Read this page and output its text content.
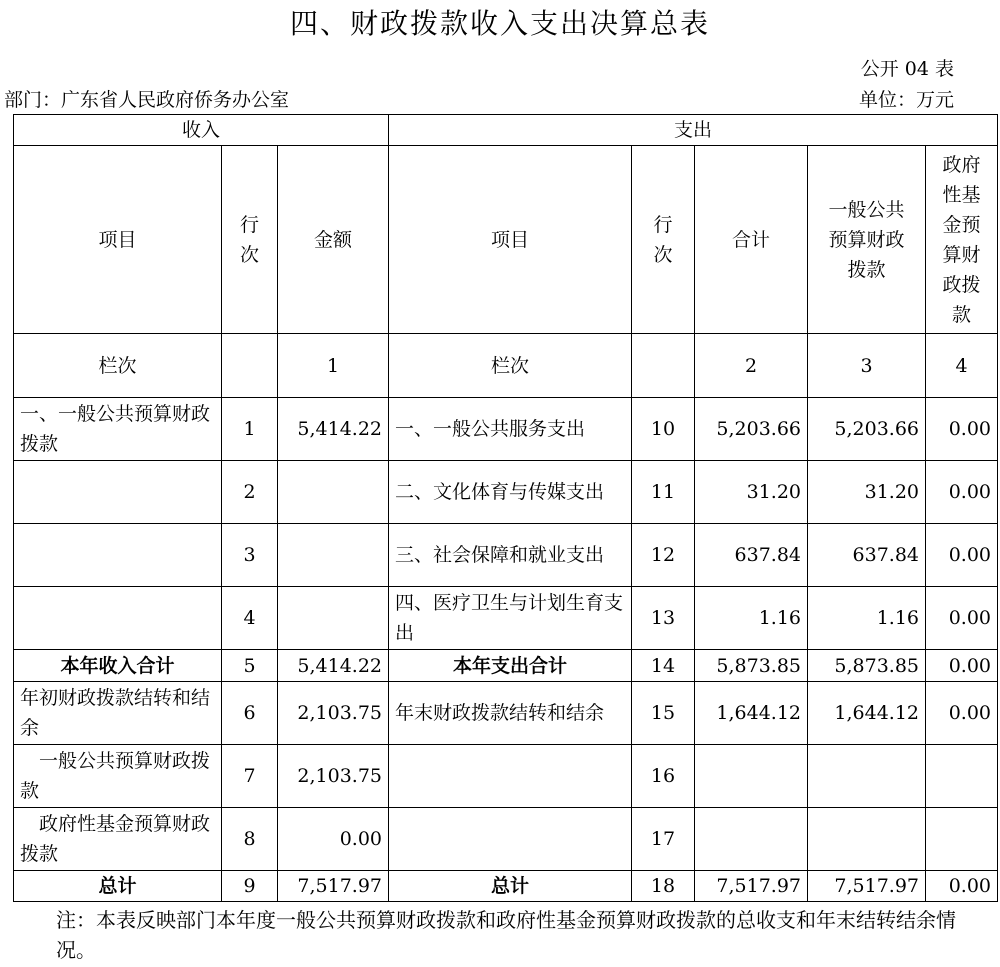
四、财政拨款收入支出决算总表
公开 04 表
部门：广东省人民政府侨务办公室	单位：万元
收入			支出				
项目	行次	金额	项目	行次	合计	一般公共预算财政拨款	政府性基金预算财政拨款

栏次		1	栏次		2	3	4
一、一般公共预算财政拨款	1	5,414.22	一、一般公共服务支出	10	5,203.66	5,203.66	0.00
	2		二、文化体育与传媒支出	11	31.20	31.20	0.00
	3		三、社会保障和就业支出	12	637.84	637.84	0.00
	4		四、医疗卫生与计划生育支出	13	1.16	1.16	0.00
本年收入合计	5	5,414.22	本年支出合计	14	5,873.85	5,873.85	0.00
年初财政拨款结转和结余	6	2,103.75	年末财政拨款结转和结余	15	1,644.12	1,644.12	0.00
一般公共预算财政拨款	7	2,103.75		16			
政府性基金预算财政拨款	8	0.00		17			
总计	9	7,517.97	总计	18	7,517.97	7,517.97	0.00
注：本表反映部门本年度一般公共预算财政拨款和政府性基金预算财政拨款的总收支和年末结转结余情况。
